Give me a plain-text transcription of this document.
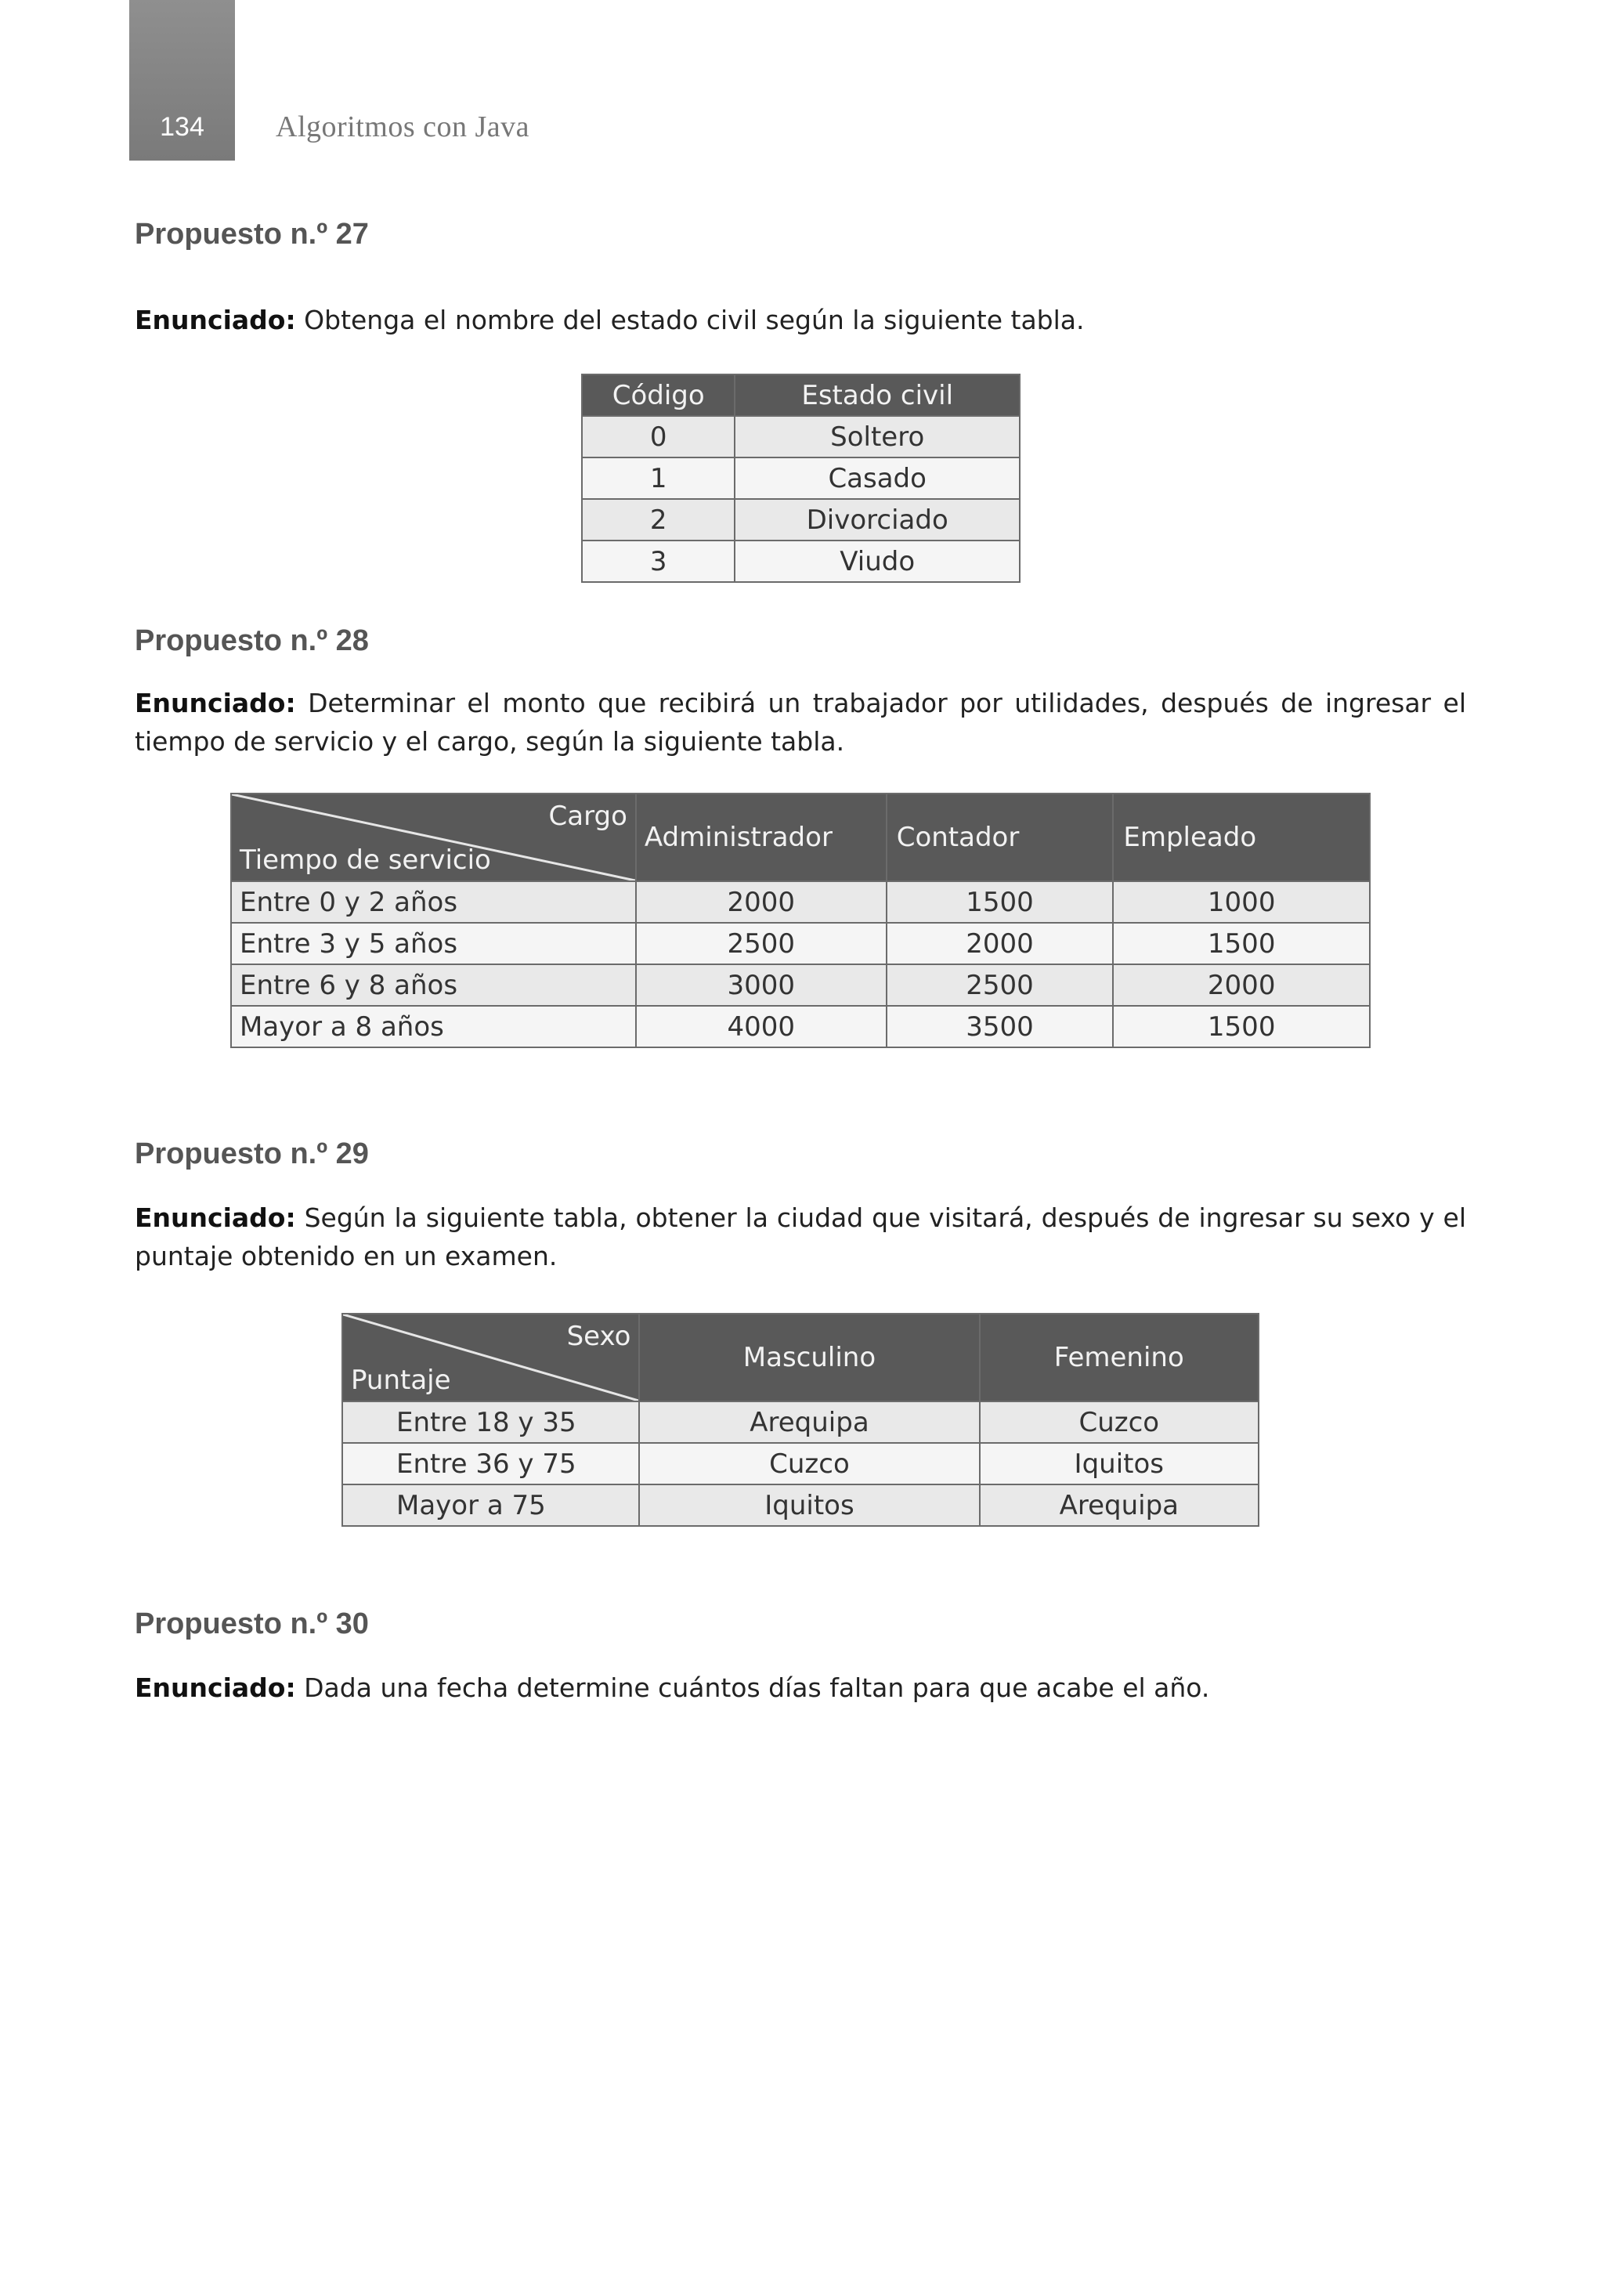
134	Algoritmos con Java
Propuesto n.º 27
Enunciado: Obtenga el nombre del estado civil según la siguiente tabla.
Código	Estado civil
0	Soltero
1	Casado
2	Divorciado
3	Viudo
Propuesto n.º 28
Enunciado: Determinar el monto que recibirá un trabajador por utilidades, después de ingresar el tiempo de servicio y el cargo, según la siguiente tabla.
Cargo
Tiempo de servicio	Administrador	Contador	Empleado
Entre 0 y 2 años	2000	1500	1000
Entre 3 y 5 años	2500	2000	1500
Entre 6 y 8 años	3000	2500	2000
Mayor a 8 años	4000	3500	1500
Propuesto n.º 29
Enunciado: Según la siguiente tabla, obtener la ciudad que visitará, después de ingresar su sexo y el puntaje obtenido en un examen.
Sexo
Puntaje	Masculino	Femenino
Entre 18 y 35	Arequipa	Cuzco
Entre 36 y 75	Cuzco	Iquitos
Mayor a 75	Iquitos	Arequipa
Propuesto n.º 30
Enunciado: Dada una fecha determine cuántos días faltan para que acabe el año.
